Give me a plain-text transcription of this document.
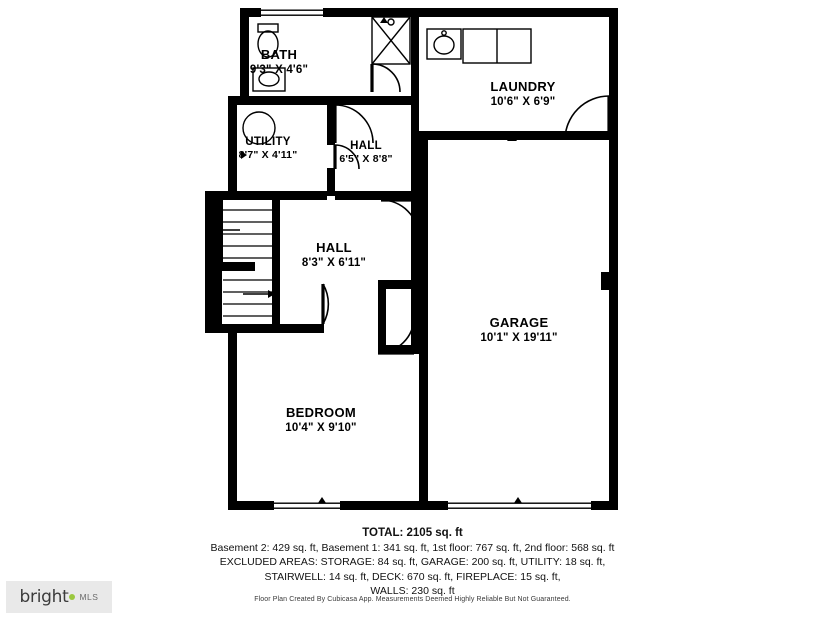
BATH
9'3" X 4'6"
LAUNDRY
10'6" X 6'9"
UTILITY
8'7" X 4'11"
HALL
6'5" X 8'8"
HALL
8'3" X 6'11"
GARAGE
10'1" X 19'11"
BEDROOM
10'4" X 9'10"
TOTAL: 2105 sq. ft
Basement 2: 429 sq. ft, Basement 1: 341 sq. ft, 1st floor: 767 sq. ft, 2nd floor: 568 sq. ft
EXCLUDED AREAS: STORAGE: 84 sq. ft, GARAGE: 200 sq. ft, UTILITY: 18 sq. ft,
STAIRWELL: 14 sq. ft, DECK: 670 sq. ft, FIREPLACE: 15 sq. ft,
WALLS: 230 sq. ft
Floor Plan Created By Cubicasa App. Measurements Deemed Highly Reliable But Not Guaranteed.
bright MLS
